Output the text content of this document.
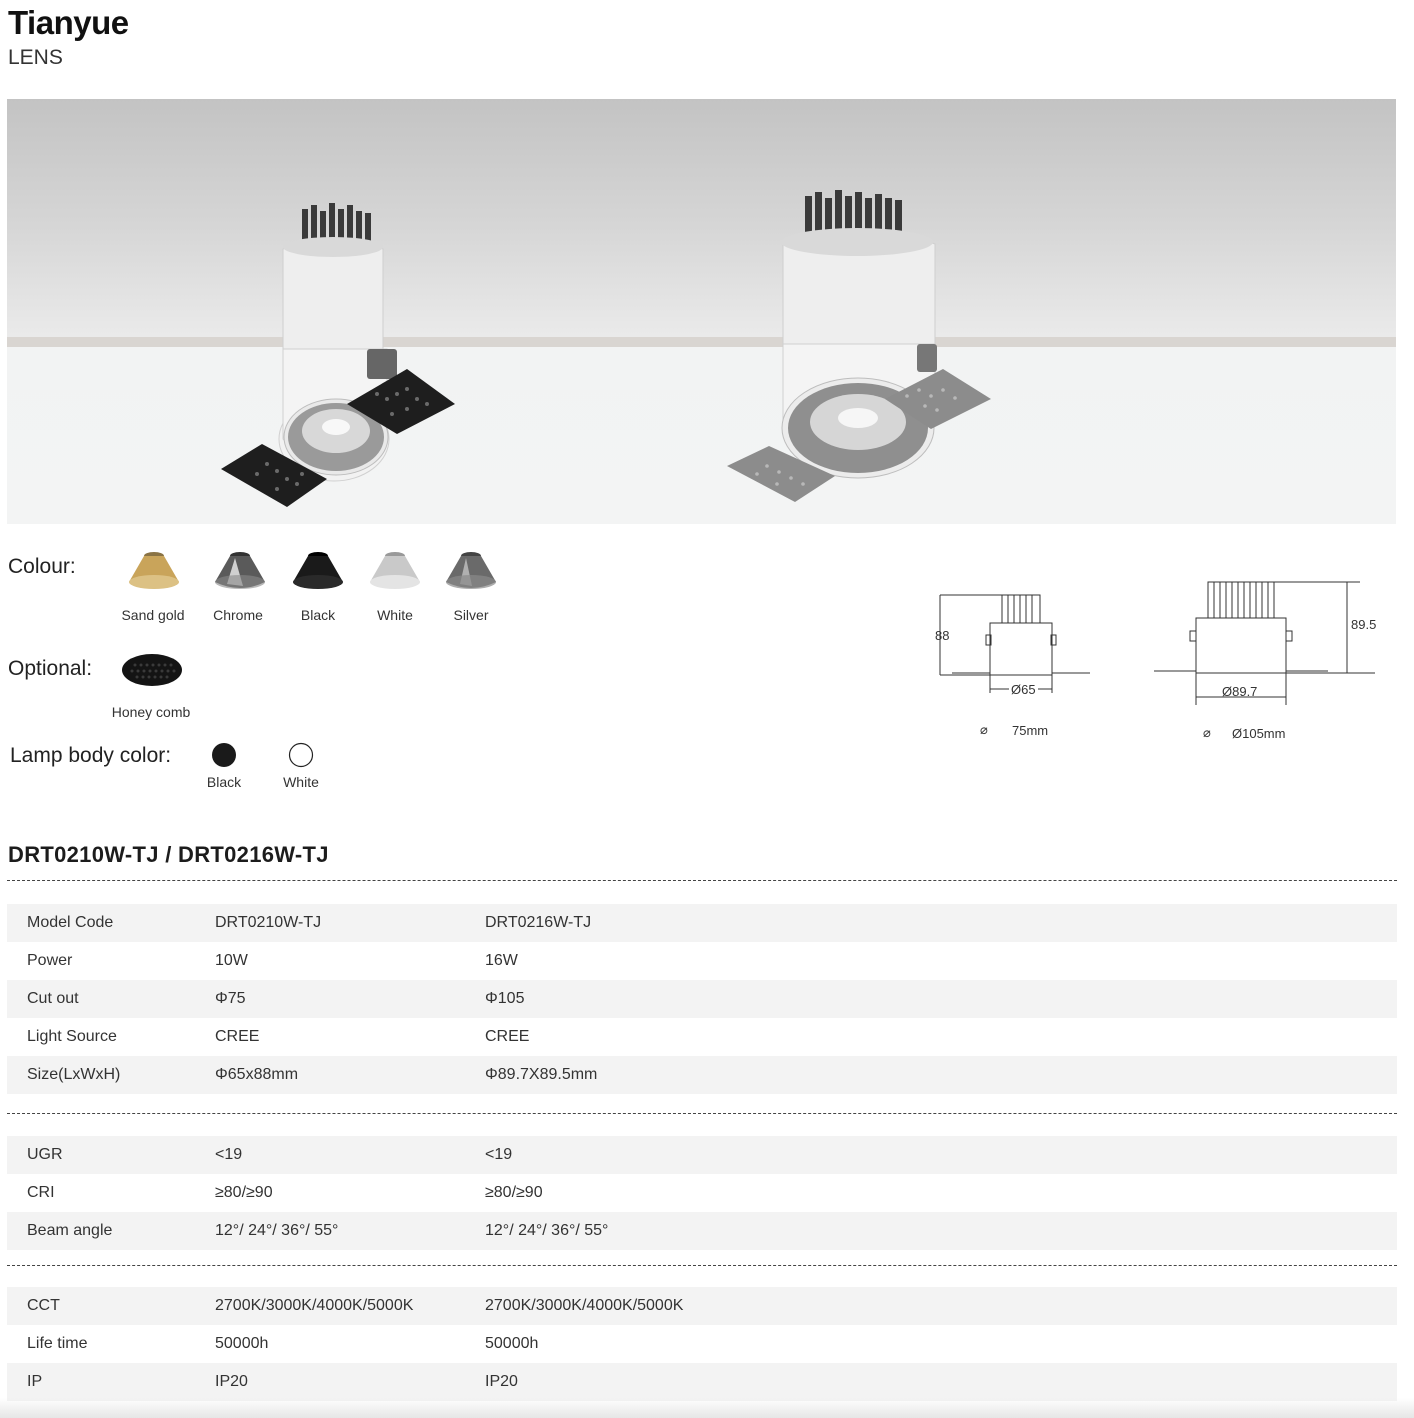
Tianyue
LENS
Colour:
Sand gold	Chrome	Black	White	Silver
Optional:
Honey comb
Lamp body color:
Black	White
88
Ø65
⌀ 75mm
89.5
Ø89.7
⌀ Ø105mm
DRT0210W-TJ / DRT0216W-TJ
Model Code	DRT0210W-TJ	DRT0216W-TJ
Power	10W	16W
Cut out	Φ75	Φ105
Light Source	CREE	CREE
Size(LxWxH)	Φ65x88mm	Φ89.7X89.5mm
UGR	<19	<19
CRI	≥80/≥90	≥80/≥90
Beam angle	12°/ 24°/ 36°/ 55°	12°/ 24°/ 36°/ 55°
CCT	2700K/3000K/4000K/5000K	2700K/3000K/4000K/5000K
Life time	50000h	50000h
IP	IP20	IP20
